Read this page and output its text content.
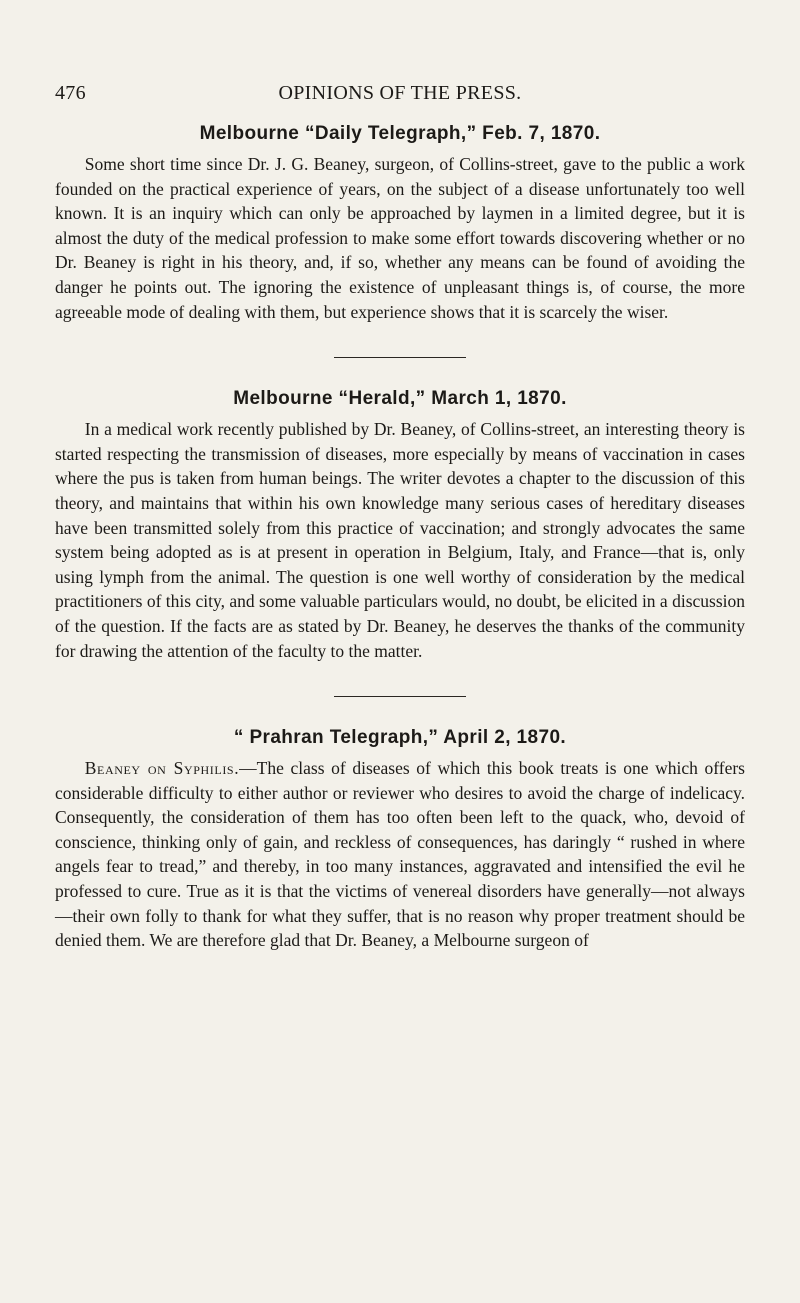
476	OPINIONS OF THE PRESS.
Melbourne “Daily Telegraph,” Feb. 7, 1870.

Some short time since Dr. J. G. Beaney, surgeon, of Collins-street, gave to the public a work founded on the practical experience of years, on the subject of a disease unfortunately too well known. It is an inquiry which can only be approached by laymen in a limited degree, but it is almost the duty of the medical profession to make some effort towards discovering whether or no Dr. Beaney is right in his theory, and, if so, whether any means can be found of avoiding the danger he points out. The ignoring the existence of unpleasant things is, of course, the more agreeable mode of dealing with them, but experience shows that it is scarcely the wiser.

Melbourne “Herald,” March 1, 1870.

In a medical work recently published by Dr. Beaney, of Collins-street, an interesting theory is started respecting the transmission of diseases, more especially by means of vaccination in cases where the pus is taken from human beings. The writer devotes a chapter to the discussion of this theory, and maintains that within his own knowledge many serious cases of hereditary diseases have been transmitted solely from this practice of vaccination; and strongly advocates the same system being adopted as is at present in operation in Belgium, Italy, and France—that is, only using lymph from the animal. The question is one well worthy of consideration by the medical practitioners of this city, and some valuable particulars would, no doubt, be elicited in a discussion of the question. If the facts are as stated by Dr. Beaney, he deserves the thanks of the community for drawing the attention of the faculty to the matter.

“ Prahran Telegraph,” April 2, 1870.

Beaney on Syphilis.—The class of diseases of which this book treats is one which offers considerable difficulty to either author or reviewer who desires to avoid the charge of indelicacy. Consequently, the consideration of them has too often been left to the quack, who, devoid of conscience, thinking only of gain, and reckless of consequences, has daringly “ rushed in where angels fear to tread,” and thereby, in too many instances, aggravated and intensified the evil he professed to cure. True as it is that the victims of venereal disorders have generally—not always—their own folly to thank for what they suffer, that is no reason why proper treatment should be denied them. We are therefore glad that Dr. Beaney, a Melbourne surgeon of
